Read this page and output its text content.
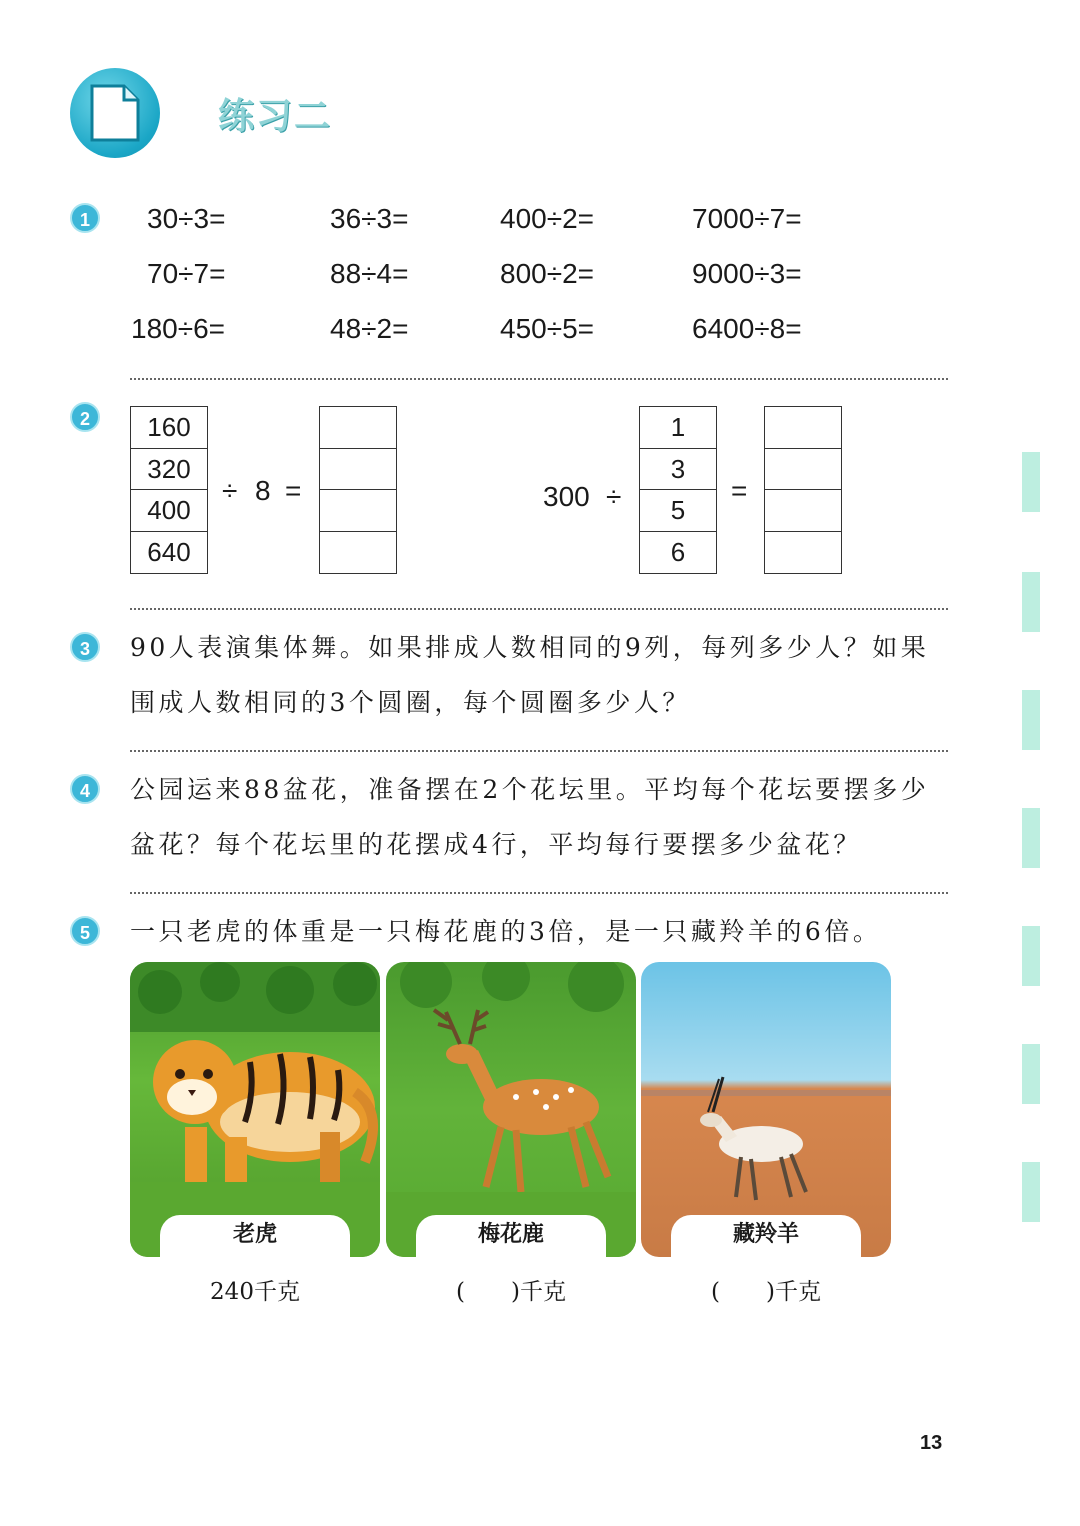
练习二
1	30÷3=	36÷3=	400÷2=	7000÷7=
70÷7=	88÷4=	800÷2=	9000÷3=
180÷6=	48÷2=	450÷5=	6400÷8=
2	160
320
400
640
÷ 8 =	300 ÷
1
3
5
6
=
3	90人表演集体舞。如果排成人数相同的9列，每列多少人？如果围成人数相同的3个圆圈，每个圆圈多少人？
4	公园运来88盆花，准备摆在2个花坛里。平均每个花坛要摆多少盆花？每个花坛里的花摆成4行，平均每行要摆多少盆花？
5	一只老虎的体重是一只梅花鹿的3倍，是一只藏羚羊的6倍。
老虎	梅花鹿	藏羚羊
240千克	(　　)千克	(　　)千克
13
